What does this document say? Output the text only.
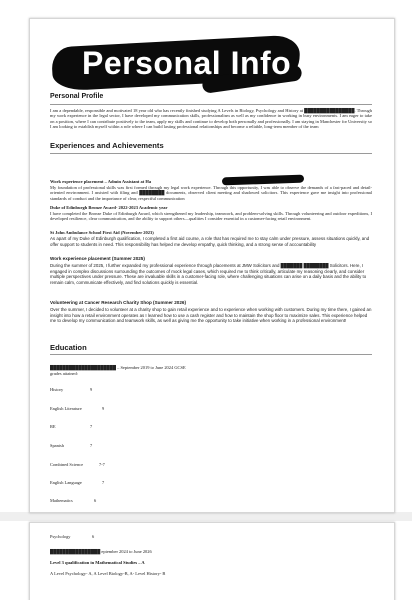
Personal Info
Personal Profile
I am a dependable, responsible and motivated 18 year old who has recently finished studying A Levels in Biology, Psychology and History at ████████████████. Through my work experience in the legal sector, I have developed my communication skills, professionalism as well as my confidence in working in busy environments. I am eager to take on a position, where I can contribute positively to the team, apply my skills and continue to develop both personally and professionally. I am staying in Manchester for University so I am looking to establish myself within a role where I can build lasting professional relationships and become a reliable, long-term member of the team
Experiences and Achievements
Work experience placement – Admin Assistant at Ha
My foundation of professional skills was first formed through my legal work experience. Through this opportunity, I was able to observe the demands of a fast-paced and detail-oriented environment. I assisted with filing and ████████ documents, observed client meeting and shadowed solicitors. This experience gave me insight into professional standards of conduct and the importance of clear, respectful communication
Duke of Edinburgh Bronze Award- 2022-2023 Academic year
I have completed the Bronze Duke of Edinburgh Award, which strengthened my leadership, teamwork, and problem-solving skills. Through volunteering and outdoor expeditions, I developed resilience, clear communication, and the ability to support others—qualities I consider essential in a customer-facing retail environment.
St John Ambulance School First Aid (November 2023)
As apart of my Duke of Edinburgh qualification, I completed a first aid course, a role that has required me to stay calm under pressure, assess situations quickly, and offer support to students in need. This responsibility has helped me develop empathy, quick thinking, and a strong sense of accountability
Work experience placement (Summer 2025)
During the summer of 2025, I further expanded my professional experience through placements at JMW Solicitors and ███████ ████████ Solicitors. Here, I engaged in complex discussions surrounding the outcomes of mock legal cases, which required me to think critically, articulate my reasoning clearly, and consider multiple perspectives under pressure. These are invaluable skills in a customer-facing role, where challenging situations can arise on a daily basis and the ability to remain calm, communicate effectively, and find solutions quickly is essential.
Volunteering at Cancer Research Charity Shop (Summer 2026)
Over the summer, I decided to volunteer at a charity shop to gain retail experience and to experience when working with customers. During my time there, I gained an insight into how a retail environment operates as I learned how to use a cash register and how to maintain the shop floor to maximize sales. This experience helped me to develop my communication and teamwork skills, as well as giving me the opportunity to take initiative when working in a professional environment!
Education
█████████████████████ – September 2019 to June 2024 GCSE
grades attained:
History	9
English Literature	9
RE	7
Spanish	7
Combined Science	7-7
English Language	7
Mathematics	6
Psychology	6
████████████████ eptember 2024 to June 2026
Level 3 qualification in Mathematical Studies – A
A Level Psychology- A, A Level Biology-B, A- Level History- B
